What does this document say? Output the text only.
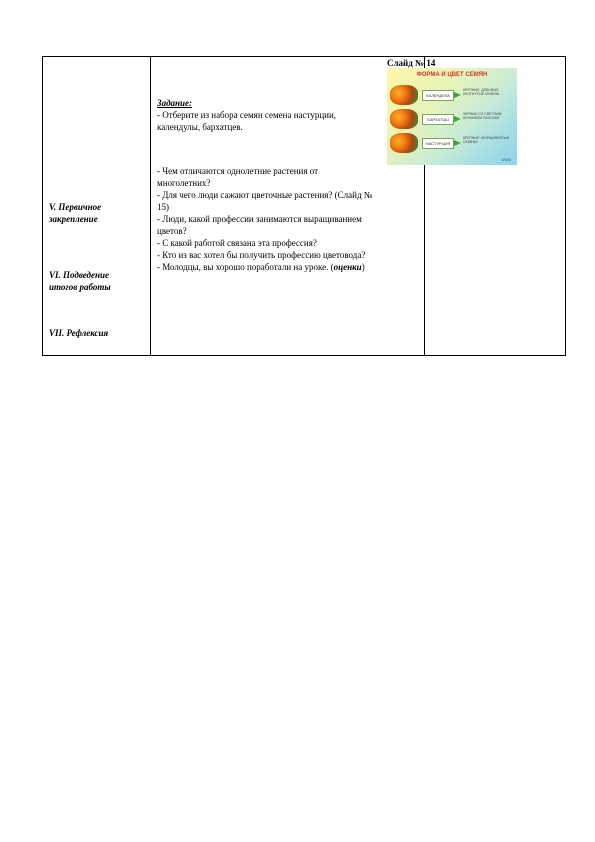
V. Первичное
закрепление
VI. Подведение
итогов работы
VII. Рефлексия
Задание:
- Отберите из набора семян семена настурции,
календулы, бархатцев.
- Чем отличаются однолетние растения от
многолетних?
- Для чего люди сажают цветочные растения? (Слайд №
15)
- Люди, какой профессии занимаются выращиванием
цветов?
- С какой работой связана эта профессия?
- Кто из вас хотел бы получить профессию цветовода?
- Молодцы, вы хорошо поработали на уроке. (оценки)
Слайд № 14
ФОРМА И ЦВЕТ СЕМЯН
КАЛЕНДУЛА
КРУПНЫЕ, ДЛИННЫЕ, ИЗОГНУТЫЕ СЕМЕНА
БАРХАТЦЫ
ЧЕРНЫЕ СО СВЕТЛЫМ КОНЧИКОМ ПАЛОЧКИ
НАСТУРЦИЯ
КРУПНЫЕ, МОРЩИНИСТЫЕ СЕМЕНА
ООО
